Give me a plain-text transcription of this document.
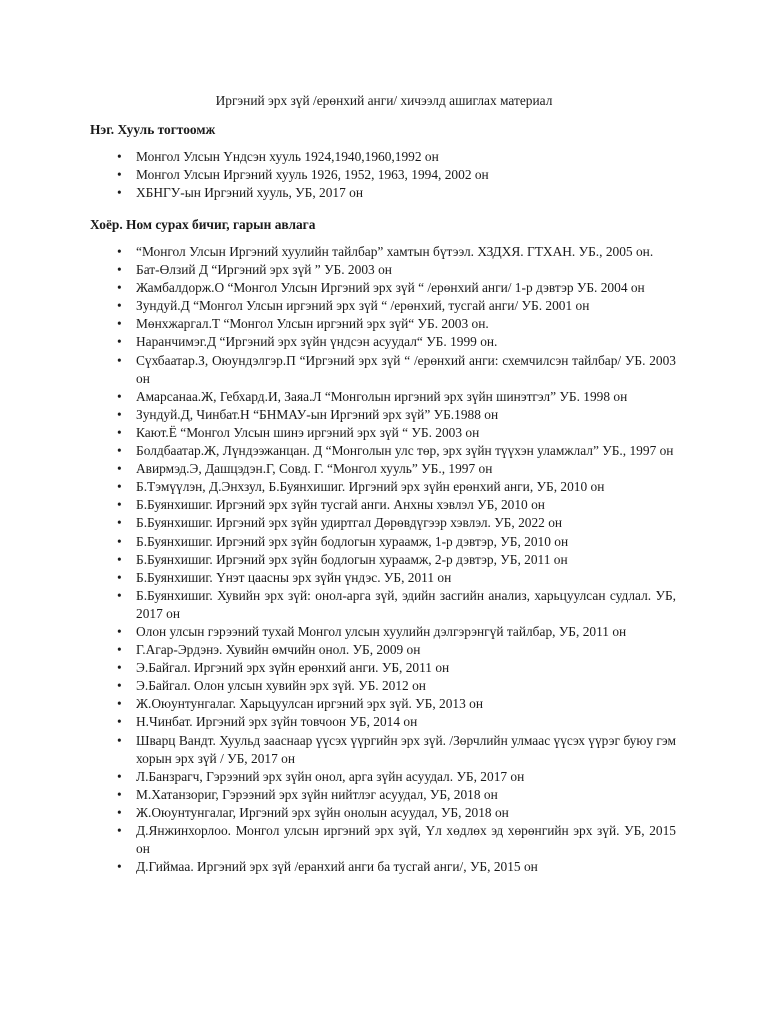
Иргэний эрх зүй /ерөнхий анги/ хичээлд ашиглах материал
Нэг. Хууль тогтоомж
• Монгол Улсын Үндсэн хууль 1924,1940,1960,1992 он
• Монгол Улсын Иргэний хууль 1926, 1952, 1963, 1994, 2002 он
• ХБНГУ-ын Иргэний хууль, УБ, 2017 он
Хоёр. Ном сурах бичиг, гарын авлага
• “Монгол Улсын Иргэний хуулийн тайлбар” хамтын бүтээл. ХЗДХЯ. ГТХАН. УБ., 2005 он.
• Бат-Өлзий Д “Иргэний эрх зүй ” УБ. 2003 он
• Жамбалдорж.О “Монгол Улсын Иргэний эрх зүй “ /ерөнхий анги/ 1-р дэвтэр УБ. 2004 он
• Зундуй.Д “Монгол Улсын иргэний эрх зүй “ /ерөнхий, тусгай анги/ УБ. 2001 он
• Мөнхжаргал.Т “Монгол Улсын иргэний эрх зүй“ УБ. 2003 он.
• Наранчимэг.Д “Иргэний эрх зүйн үндсэн асуудал“ УБ. 1999 он.
• Сүхбаатар.З, Оюундэлгэр.П “Иргэний эрх зүй “ /ерөнхий анги: схемчилсэн тайлбар/ УБ. 2003 он
• Амарсанаа.Ж, Гебхард.И, Заяа.Л “Монголын иргэний эрх зүйн шинэтгэл” УБ. 1998 он
• Зундуй.Д, Чинбат.Н “БНМАУ-ын Иргэний эрх зүй” УБ.1988 он
• Кают.Ё “Монгол Улсын шинэ иргэний эрх зүй “ УБ. 2003 он
• Болдбаатар.Ж, Лүндээжанцан. Д “Монголын улс төр, эрх зүйн түүхэн уламжлал” УБ., 1997 он
• Авирмэд.Э, Дашцэдэн.Г, Совд. Г. “Монгол хууль” УБ., 1997 он
• Б.Тэмүүлэн, Д.Энхзул, Б.Буянхишиг. Иргэний эрх зүйн ерөнхий анги, УБ, 2010 он
• Б.Буянхишиг. Иргэний эрх зүйн тусгай анги. Анхны хэвлэл УБ, 2010 он
• Б.Буянхишиг. Иргэний эрх зүйн удиртгал Дөрөвдүгээр хэвлэл. УБ, 2022 он
• Б.Буянхишиг. Иргэний эрх зүйн бодлогын хураамж, 1-р дэвтэр, УБ, 2010 он
• Б.Буянхишиг. Иргэний эрх зүйн бодлогын хураамж, 2-р дэвтэр, УБ, 2011 он
• Б.Буянхишиг. Үнэт цаасны эрх зүйн үндэс. УБ, 2011 он
• Б.Буянхишиг. Хувийн эрх зүй: онол-арга зүй, эдийн засгийн анализ, харьцуулсан судлал. УБ, 2017 он
• Олон улсын гэрээний тухай Монгол улсын хуулийн дэлгэрэнгүй тайлбар, УБ, 2011 он
• Г.Агар-Эрдэнэ. Хувийн өмчийн онол. УБ, 2009 он
• Э.Байгал. Иргэний эрх зүйн ерөнхий анги. УБ, 2011 он
• Э.Байгал. Олон улсын хувийн эрх зүй. УБ. 2012 он
• Ж.Оюунтунгалаг. Харьцуулсан иргэний эрх зүй. УБ, 2013 он
• Н.Чинбат. Иргэний эрх зүйн товчоон УБ, 2014 он
• Шварц Вандт. Хуульд зааснаар үүсэх үүргийн эрх зүй. /Зөрчлийн улмаас үүсэх үүрэг буюу гэм хорын эрх зүй / УБ, 2017 он
• Л.Банзрагч, Гэрээний эрх зүйн онол, арга зүйн асуудал. УБ, 2017 он
• М.Хатанзориг, Гэрээний эрх зүйн нийтлэг асуудал, УБ, 2018 он
• Ж.Оюунтунгалаг, Иргэний эрх зүйн онолын асуудал, УБ, 2018 он
• Д.Янжинхорлоо. Монгол улсын иргэний эрх зүй, Үл хөдлөх эд хөрөнгийн эрх зүй. УБ, 2015 он
• Д.Гиймаа. Иргэний эрх зүй /еранхий анги ба тусгай анги/, УБ, 2015 он
